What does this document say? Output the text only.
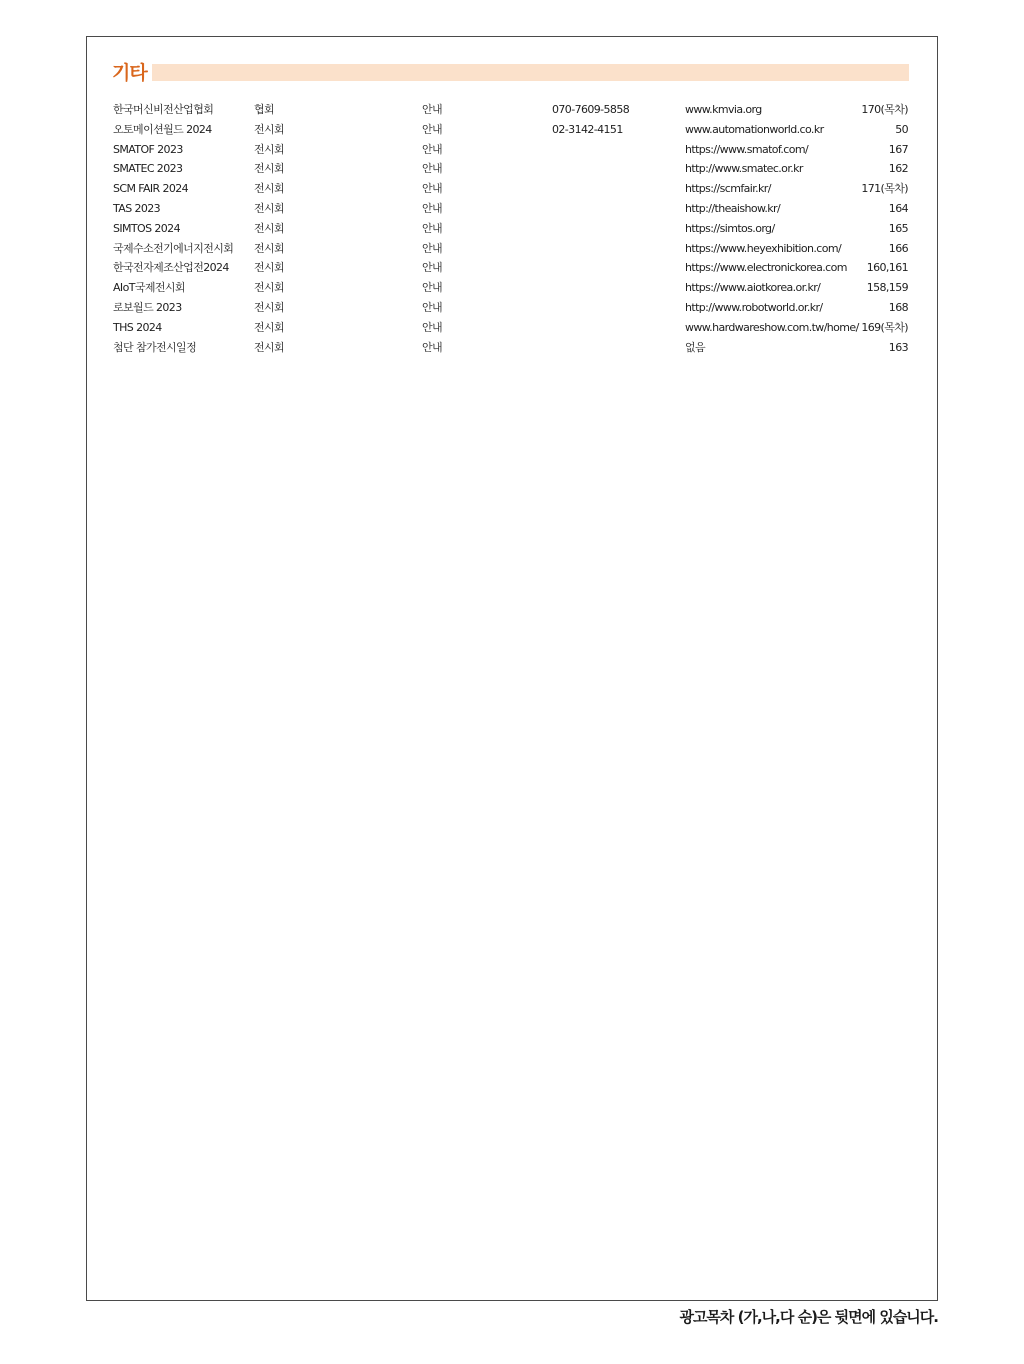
기타
한국머신비전산업협회	협회	안내	070-7609-5858	www.kmvia.org	170(목차)
오토메이션월드 2024	전시회	안내	02-3142-4151	www.automationworld.co.kr	50
SMATOF 2023	전시회	안내	https://www.smatof.com/	167
SMATEC 2023	전시회	안내	http://www.smatec.or.kr	162
SCM FAIR 2024	전시회	안내	https://scmfair.kr/	171(목차)
TAS 2023	전시회	안내	http://theaishow.kr/	164
SIMTOS 2024	전시회	안내	https://simtos.org/	165
국제수소전기에너지전시회 전시회	안내	https://www.heyexhibition.com/	166
한국전자제조산업전2024 전시회	안내	https://www.electronickorea.com 160,161
AIoT국제전시회	전시회	안내	https://www.aiotkorea.or.kr/	158,159
로보월드 2023	전시회	안내	http://www.robotworld.or.kr/	168
THS 2024	전시회	안내	www.hardwareshow.com.tw/home/ 169(목차)
첨단 참가전시일정	전시회	안내	없음	163
광고목차 (가,나,다 순)은 뒷면에 있습니다.
